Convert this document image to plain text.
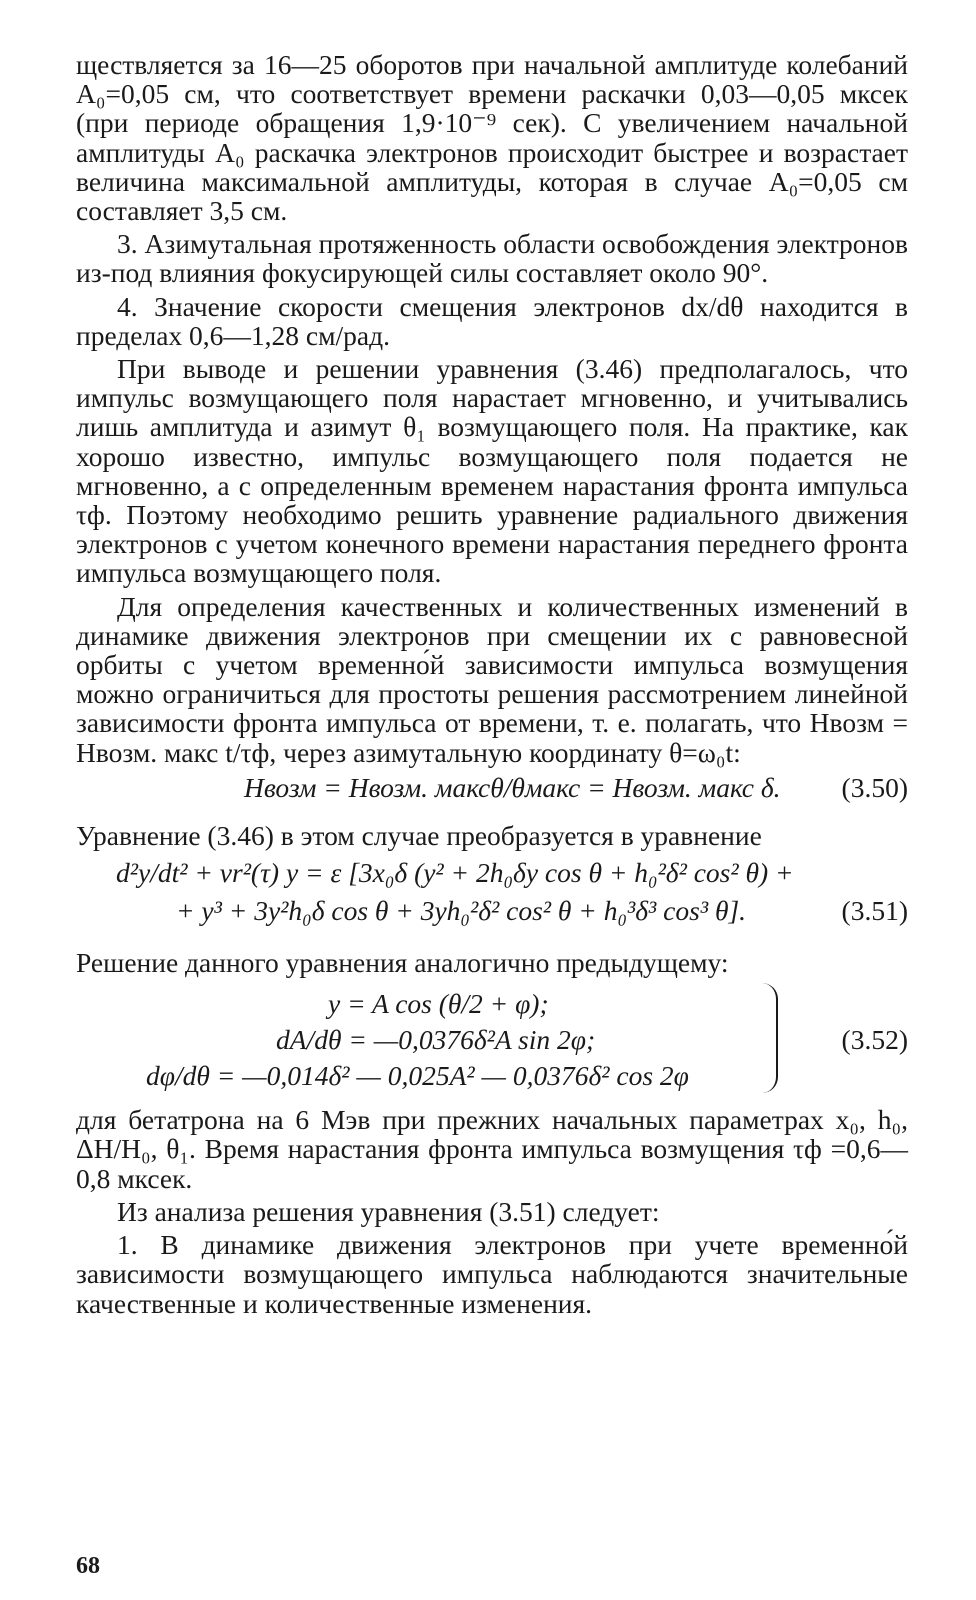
ществляется за 16—25 оборотов при начальной амплитуде колебаний A₀=0,05 см, что соответствует времени раскачки 0,03—0,05 мксек (при периоде обращения 1,9·10⁻⁹ сек). С увеличением начальной амплитуды A₀ раскачка электронов происходит быстрее и возрастает величина максимальной амплитуды, которая в случае A₀=0,05 см составляет 3,5 см.
3. Азимутальная протяженность области освобождения электронов из-под влияния фокусирующей силы составляет около 90°.
4. Значение скорости смещения электронов dx/dθ находится в пределах 0,6—1,28 см/рад.
При выводе и решении уравнения (3.46) предполагалось, что импульс возмущающего поля нарастает мгновенно, и учитывались лишь амплитуда и азимут θ₁ возмущающего поля. На практике, как хорошо известно, импульс возмущающего поля подается не мгновенно, а с определенным временем нарастания фронта импульса τф. Поэтому необходимо решить уравнение радиального движения электронов с учетом конечного времени нарастания переднего фронта импульса возмущающего поля.
Для определения качественных и количественных изменений в динамике движения электронов при смещении их с равновесной орбиты с учетом временно́й зависимости импульса возмущения можно ограничиться для простоты решения рассмотрением линейной зависимости фронта импульса от времени, т. е. полагать, что Hвозм = Hвозм. макс t/τф, через азимутальную координату θ=ω₀t:
Hвозм = Hвозм. максθ/θмакс = Hвозм. макс δ. (3.50)
Уравнение (3.46) в этом случае преобразуется в уравнение
d²y/dt² + νr²(τ) y = ε [3x₀δ (y² + 2h₀δy cos θ + h₀²δ² cos² θ) +
+ y³ + 3y²h₀δ cos θ + 3yh₀²δ² cos² θ + h₀³δ³ cos³ θ].	(3.51)
Решение данного уравнения аналогично предыдущему:
y = A cos (θ/2 + φ);
dA/dθ = —0,0376δ²A sin 2φ;
dφ/dθ = —0,014δ² — 0,025A² — 0,0376δ² cos 2φ
(3.52)
для бетатрона на 6 Мэв при прежних начальных параметрах x₀, h₀, ΔH/H₀, θ₁. Время нарастания фронта импульса возмущения τф =0,6—0,8 мксек.
Из анализа решения уравнения (3.51) следует:
1. В динамике движения электронов при учете временно́й зависимости возмущающего импульса наблюдаются значительные качественные и количественные изменения.
68
